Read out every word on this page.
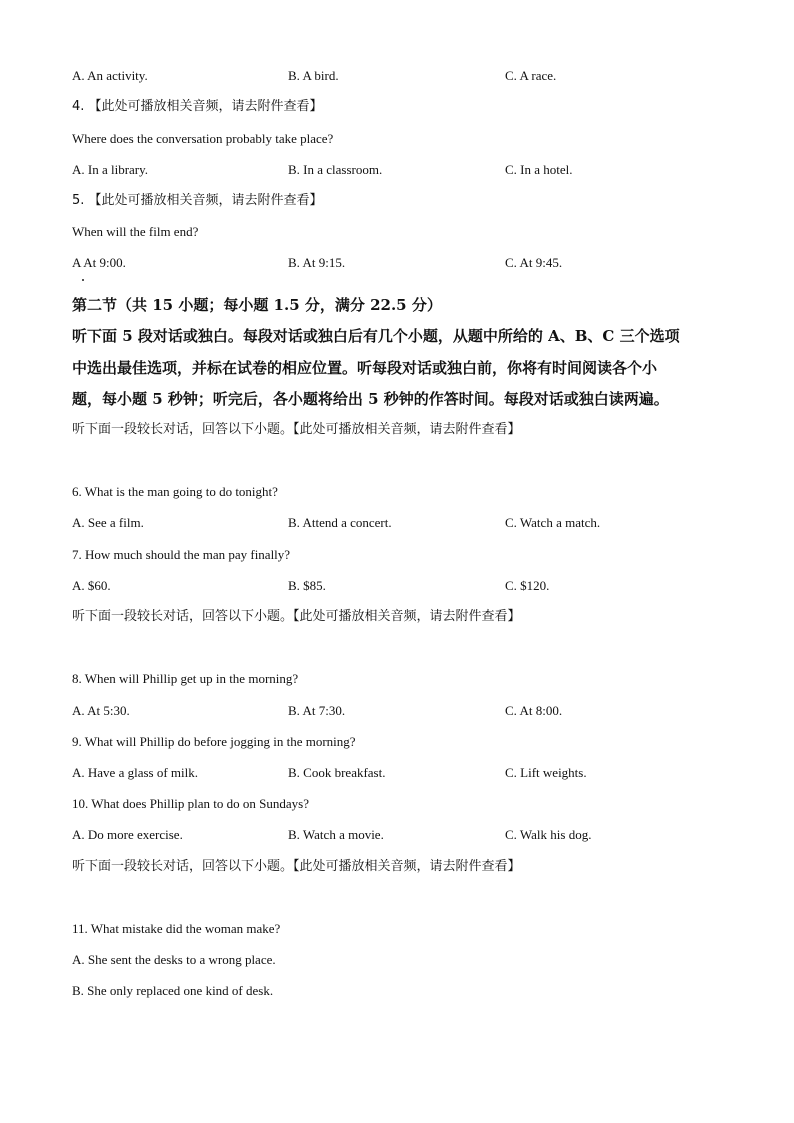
A. An activity.	B. A bird.	C. A race.
4. 【此处可播放相关音频，请去附件查看】
Where does the conversation probably take place?
A. In a library.	B. In a classroom.	C. In a hotel.
5. 【此处可播放相关音频，请去附件查看】
When will the film end?
A At 9:00.	B. At 9:15.	C. At 9:45.
第二节（共 15 小题；每小题 1.5 分，满分 22.5 分）
听下面 5 段对话或独白。每段对话或独白后有几个小题，从题中所给的 A、B、C 三个选项
中选出最佳选项，并标在试卷的相应位置。听每段对话或独白前，你将有时间阅读各个小
题，每小题 5 秒钟；听完后，各小题将给出 5 秒钟的作答时间。每段对话或独白读两遍。
听下面一段较长对话，回答以下小题。【此处可播放相关音频，请去附件查看】
6. What is the man going to do tonight?
A. See a film.	B. Attend a concert.	C. Watch a match.
7. How much should the man pay finally?
A. $60.	B. $85.	C. $120.
听下面一段较长对话，回答以下小题。【此处可播放相关音频，请去附件查看】
8. When will Phillip get up in the morning?
A. At 5:30.	B. At 7:30.	C. At 8:00.
9. What will Phillip do before jogging in the morning?
A. Have a glass of milk.	B. Cook breakfast.	C. Lift weights.
10. What does Phillip plan to do on Sundays?
A. Do more exercise.	B. Watch a movie.	C. Walk his dog.
听下面一段较长对话，回答以下小题。【此处可播放相关音频，请去附件查看】
11. What mistake did the woman make?
A. She sent the desks to a wrong place.
B. She only replaced one kind of desk.
